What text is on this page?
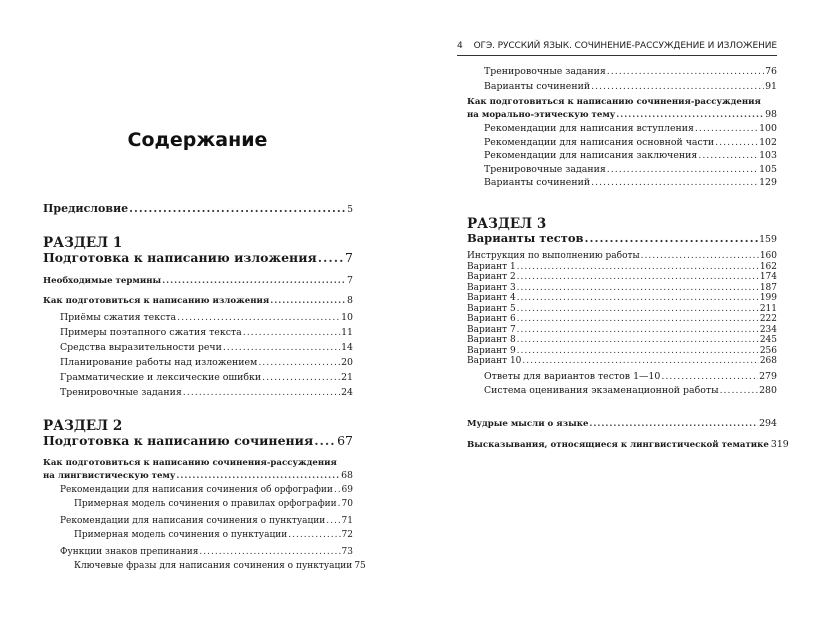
Содержание
Предисловие .....	5
РАЗДЕЛ 1
Подготовка к написанию изложения ..... 7
Необходимые термины .....	7
Как подготовиться к написанию изложения .....	8
Приёмы сжатия текста .....	10
Примеры поэтапного сжатия текста .....	11
Средства выразительности речи .....	14
Планирование работы над изложением .....	20
Грамматические и лексические ошибки .....	21
Тренировочные задания .....	24
РАЗДЕЛ 2
Подготовка к написанию сочинения ..... 67
Как подготовиться к написанию сочинения-рассуждения
на лингвистическую тему .....	68
Рекомендации для написания сочинения об орфографии ..... 69
Примерная модель сочинения о правилах орфографии ..... 70
Рекомендации для написания сочинения о пунктуации ..... 71
Примерная модель сочинения о пунктуации .....	72
Функции знаков препинания .....	73
Ключевые фразы для написания сочинения о пунктуации 75
4 ОГЭ. РУССКИЙ ЯЗЫК. СОЧИНЕНИЕ-РАССУЖДЕНИЕ И ИЗЛОЖЕНИЕ
Тренировочные задания .....	76
Варианты сочинений .....	91
Как подготовиться к написанию сочинения-рассуждения
на морально-этическую тему .....	98
Рекомендации для написания вступления .....	100
Рекомендации для написания основной части .....	102
Рекомендации для написания заключения .....	103
Тренировочные задания .....	105
Варианты сочинений .....	129
РАЗДЕЛ 3
Варианты тестов .....	159
Инструкция по выполнению работы .....	160
Вариант 1 .....	162
Вариант 2 .....	174
Вариант 3 .....	187
Вариант 4 .....	199
Вариант 5 .....	211
Вариант 6 .....	222
Вариант 7 .....	234
Вариант 8 .....	245
Вариант 9 .....	256
Вариант 10 .....	268
Ответы для вариантов тестов 1—10 .....	279
Система оценивания экзаменационной работы .....	280
Мудрые мысли о языке .....	294
Высказывания, относящиеся к лингвистической тематике 319
